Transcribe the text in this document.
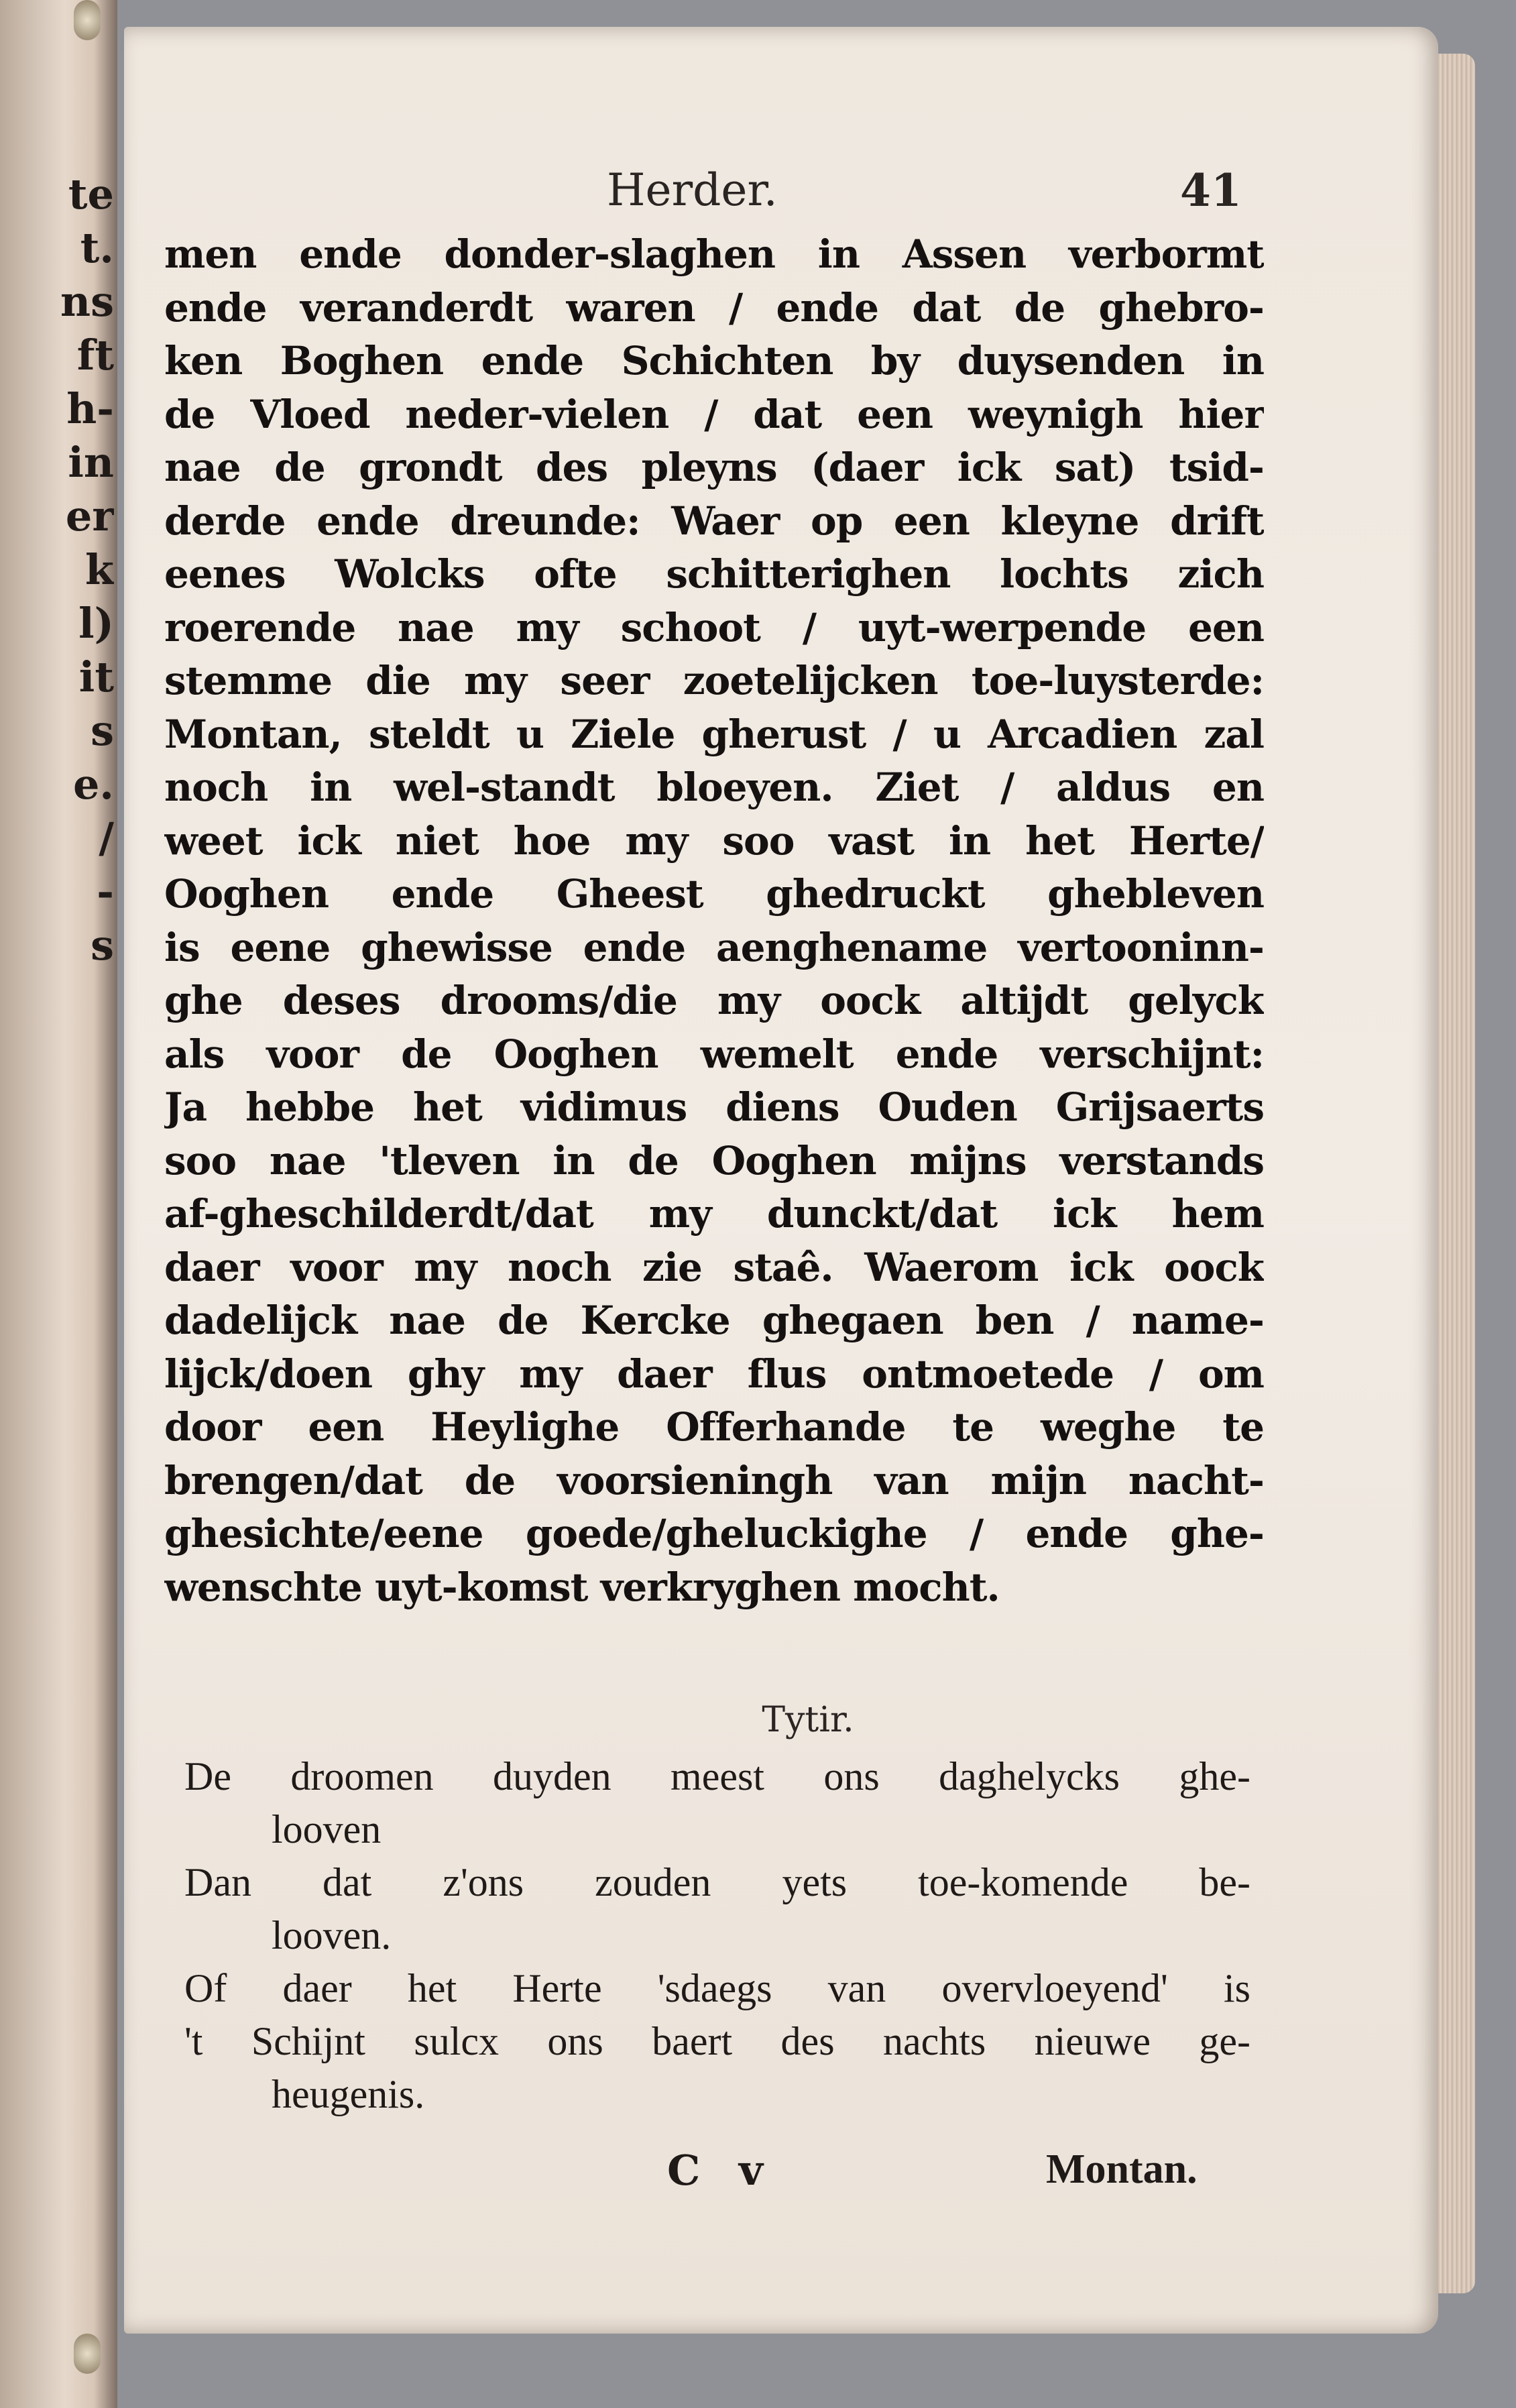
te
t.
ns
ft
h-
in
er
k
l)
it
s
e.
/
-
s
Herder.	41
men ende donder-slaghen in Assen verbormt
ende veranderdt waren / ende dat de ghebro-
ken Boghen ende Schichten by duysenden in
de Vloed neder-vielen / dat een weynigh hier
nae de grondt des pleyns (daer ick sat) tsid-
derde ende dreunde: Waer op een kleyne drift
eenes Wolcks ofte schitterighen lochts zich
roerende nae my schoot / uyt-werpende een
stemme die my seer zoetelijcken toe-luysterde:
Montan, steldt u Ziele gherust / u Arcadien zal
noch in wel-standt bloeyen. Ziet / aldus en
weet ick niet hoe my soo vast in het Herte/
Ooghen ende Gheest ghedruckt ghebleven
is eene ghewisse ende aenghename vertooninn-
ghe deses drooms/die my oock altijdt gelyck
als voor de Ooghen wemelt ende verschijnt:
Ja hebbe het vidimus diens Ouden Grijsaerts
soo nae 'tleven in de Ooghen mijns verstands
af-gheschilderdt/dat my dunckt/dat ick hem
daer voor my noch zie staê. Waerom ick oock
dadelijck nae de Kercke ghegaen ben / name-
lijck/doen ghy my daer flus ontmoetede / om
door een Heylighe Offerhande te weghe te
brengen/dat de voorsieningh van mijn nacht-
ghesichte/eene goede/gheluckighe / ende ghe-
wenschte uyt-komst verkryghen mocht.
Tytir.
De droomen duyden meest ons daghelycks ghe-
looven
Dan dat z'ons zouden yets toe-komende be-
looven.
Of daer het Herte 'sdaegs van overvloeyend' is
't Schijnt sulcx ons baert des nachts nieuwe ge-
heugenis.
C v	Montan.
